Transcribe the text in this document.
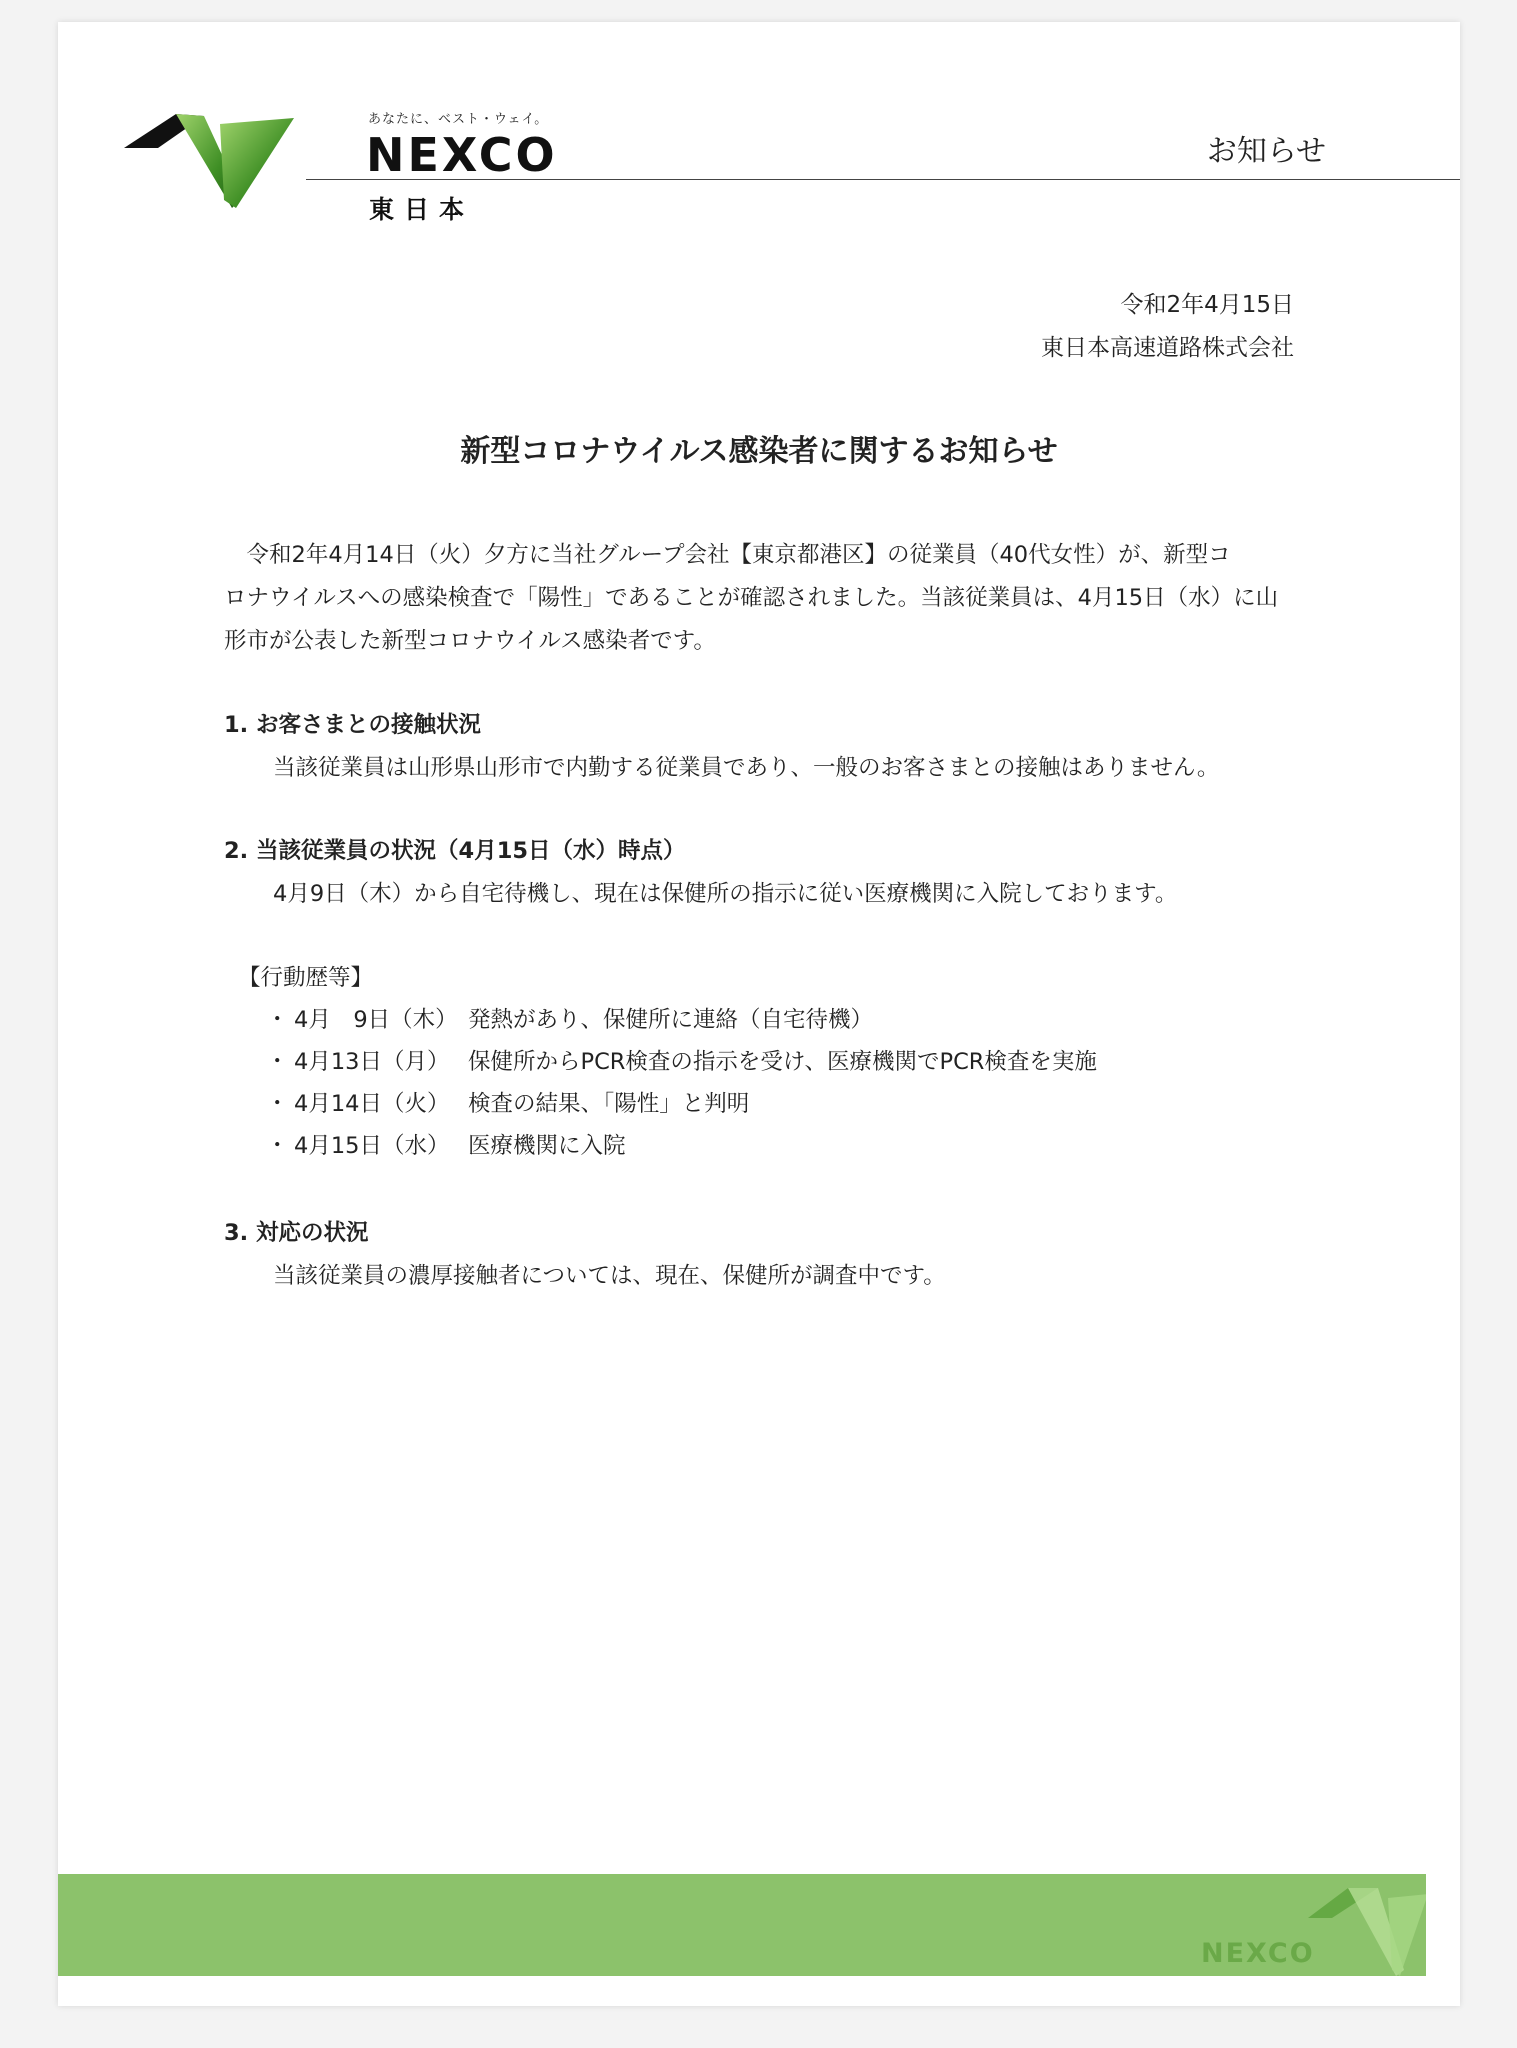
あなたに、ベスト・ウェイ。
NEXCO
東日本
お知らせ
令和2年4月15日
東日本高速道路株式会社
新型コロナウイルス感染者に関するお知らせ

　令和2年4月14日（火）夕方に当社グループ会社【東京都港区】の従業員（40代女性）が、新型コ

ロナウイルスへの感染検査で「陽性」であることが確認されました。当該従業員は、4月15日（水）に山

形市が公表した新型コロナウイルス感染者です。

1. お客さまとの接触状況
当該従業員は山形県山形市で内勤する従業員であり、一般のお客さまとの接触はありません。
2. 当該従業員の状況（4月15日（水）時点）
4月9日（木）から自宅待機し、現在は保健所の指示に従い医療機関に入院しております。
【行動歴等】
・ 4月　9日（木） 発熱があり、保健所に連絡（自宅待機）
・ 4月13日（月） 保健所からPCR検査の指示を受け、医療機関でPCR検査を実施
・ 4月14日（火） 検査の結果、「陽性」と判明
・ 4月15日（水） 医療機関に入院
3. 対応の状況
当該従業員の濃厚接触者については、現在、保健所が調査中です。
NEXCO
